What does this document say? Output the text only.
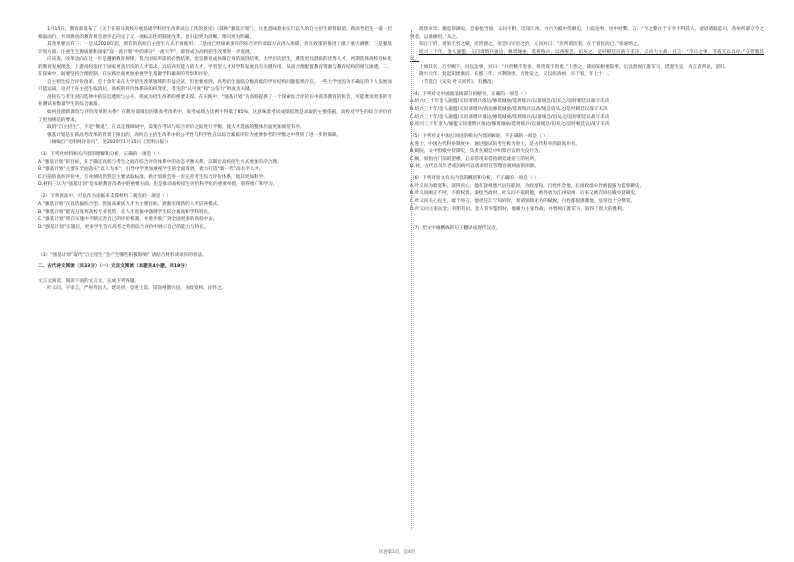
1月15日，教育部发布了《关于在部分高校开展基础学科招生改革试点工作的意见》（简称“强基计划”），这也意味着本实行以久的自主招生即将取消。新高考招生一道一层相面而行，共同驱动的教育将会逐步走向完了又一项标志性的制度改革，也引起更为清晰。尊向更为明确。

其改革要点有三：一是从2020年起，原有的高校自主招生方式不再使用；二是由已经探索多年的综合评价录取方式再入保障，但在政策的推进上做了重大调整；三是强基计划方面，注重生生源质量和国家“双一流计划”中的部分“一流大学”，即将成为高校招生改革进一步发展。

应该说，改革动向在这一步是遵循教育规律，契合国家所需的必然结果，也是教育成体制自身的演进结果。大学层次招生，遴选更具潜质的优秀人才，初期选择高校目标化的教育发展理念，上游高校依托于国家更高层次的人才需求，以培养有能力的人才，学者型人才对学科发展具有关键作用，从而合理配置教育资源与教育结构的相互渗透。二、在探索中，既要坚持合理控制、在实践层面更加重视学生基础学科素养的考察和评价。

自主招生综合评价改革，是十余年来在大学招生改革领域的有益尝试。但也要看到，高考招生面临分数高低的学位结构问题依然存在，一些大学也因为不确定的个人发展而只能远离，这对于在主招生取消后，高校的评价体系该如何变化，考生的“认可度”和“公信力”则成为关键。

高校在与考生双向选择中的信息透明与公开，将成为招生改革的重要支撑。在实践中，“强基计划”为高校提供了一个探索综合评价在中高等教育的机会，可能要求更多的专业测试来衡量学生的综合素质。

如何处理新课改与评价改革的关系？在教育部推出的新高考改革中，高考成绩占比例不得低于85%，这意味着考试成绩依然是录取的主要依据，高校对学生的综合评价有了更加规范的要求。

取消“自主招生”，不是“倒退”，在以定理调研中，需要在考试与综合评价之间进行平衡，使人才选拔的整体层面更加规范有序。

强基计划是在新高考改革的背景下推出的，高校自主招生改革中的公平性与科学性在以综合素质评价为重要参考的平衡之中得到了进一步的保障。

（摘编自“光明网评论员”，见2020年1月15日《光明日报》）

（1）下列对材料相关内容的理解和分析，正确的一项是（ ）

A.“强基计划”的目标，在于确定高校与考生之间在综合评价体系中的动态平衡关系，以期让高校招生方式更加有序合理。

B.“强基计划”主要在全面落实“以人为本”，引导中学更加重视学生的全面发展，着力打造“新一代”高水平人才。

C.目前的高校评价中，专业测试仍然是主要录取标准，新计划将会进一步完善考生综合评价体系，使其更加科学。

D.材料三认为“强基计划”是本轮教育改革中的重要方面，也是推动高校招生评价科学化的重要举措，值得推广和学习。

（2）下列说法中，可以作为论据来支撑材料二观点的一项是（ ）

A.“强基计划”在以选拔综合型、优质高素质人才为主要目标，逐渐实现新的人才培养模式。

B.“强基计划”能充分发挥高校专业优势，在人才选拔中强调学生综合素质和学科特长。

C.“强基计划”将在实施中不断完善自己的评价机制，并逐步推广到全国更多的高校中去。

D.“强基计划”实施后，更多学生会在高考之外的综合评价中展示自己的能力与特长。

（3）“强基计划”取代“自主招生”会产生哪些积极影响？请结合材料谈谈你的看法。

二、古代诗文阅读（共33分）（一）文言文阅读（本题共4小题，共19分）

文言文阅读，阅读下面的文言文，完成下列各题。

叶义问，字审言，严州寿昌人。建炎初，登进士第，知饶州德兴县。为政宽和，民怀之。

政绩卓异，擢监察御史。会秦桧当国，义问不附，出知江州。寻召为殿中侍御史，上疏论事，切中时弊，言：“今之弊在于守令不得其人，请诏诸路监司，各举所部守令之贤者，以备擢用。”从之。

知江宁府，奏罢无名之赋，民皆德之。帝尝问守臣之治，义问对曰：“臣所谓治者，在于爱民而已。”帝嘉纳之。

绍兴三十年，金人渝盟，义问请增兵备边，修筑城垒，选将练兵，以备缓急。诏从之。是时朝廷议战守未决，义问力主战，且言：“今日之事，非战无以自存。”众皆服其议。

上闻其名，召至阙下，问以边事，对曰：“兵贵精不贵多，将贵谋不贵勇。”上然之，除同知枢密院事。后以督视江淮军马，措置失宜，为言者所论，罢归。

隆兴元年，复起知建康府。在郡三年，兴利除害，百姓安之。又以疾请祠，卒于家，年七十一。

（节选自《宋史·叶义问传》，有删改）

（4）下列对文中画波浪线部分的断句，正确的一项是（ ）

A.绍兴/三十年金人渝盟/义问请增兵备边/修筑城垒/选将练兵/以备缓急/诏从之/是时朝廷议战守未决

B.绍兴三十年/金人渝盟/义问请增兵/备边修筑城垒/选将练兵以备/缓急诏从之/是时朝廷议战守未决

C.绍兴三十年/金人渝盟/义问请增兵备边/修筑城垒/选将练兵/以备缓急/诏从之/是时朝廷议战守未决

D.绍兴三十年金人/渝盟义问请增兵备边/修筑城垒/选将练兵/以备缓急/诏从之/是时朝廷议/战守未决

（5）下列对文中加点词语的相关内容的解说，不正确的一项是（ ）

A.进士，中国古代科举制度中，通过殿试的考生称为进士，是古代科举的最高功名。

B.殿院，文中指殿中侍御史，负责在殿廷中纠察百官的失仪行为。

C.阙，原指宫门前的望楼，后来常用来借指朝廷或帝王的居所。

D.祠，古代官员年老或因病可以请求担任管理宫观祠庙的闲职。

（6）下列对原文有关内容的概括和分析，不正确的一项是（ ）

A.叶义问为政宽和，深得民心。他在饶州德兴县任职时，为政宽和，百姓怀念他，后因政绩卓异被提拔为监察御史。

B.叶义问刚正不阿，不附权贵。秦桧当政时，叶义问不依附他，被外放为江州知州，后来又被召回任殿中侍御史。

C.叶义问关心民生，敢于进言。他担任江宁知府时，奏请罢除无名的赋税，百姓都很感激他，皇帝也十分赞赏。

D.叶义问主张抗金，有胆有识。金人背弃盟约时，他极力主张作战，并督视江淮军马，取得了很大的胜利。

（7）把文中画横线的句子翻译成现代汉语。

试卷第1页，总4页
